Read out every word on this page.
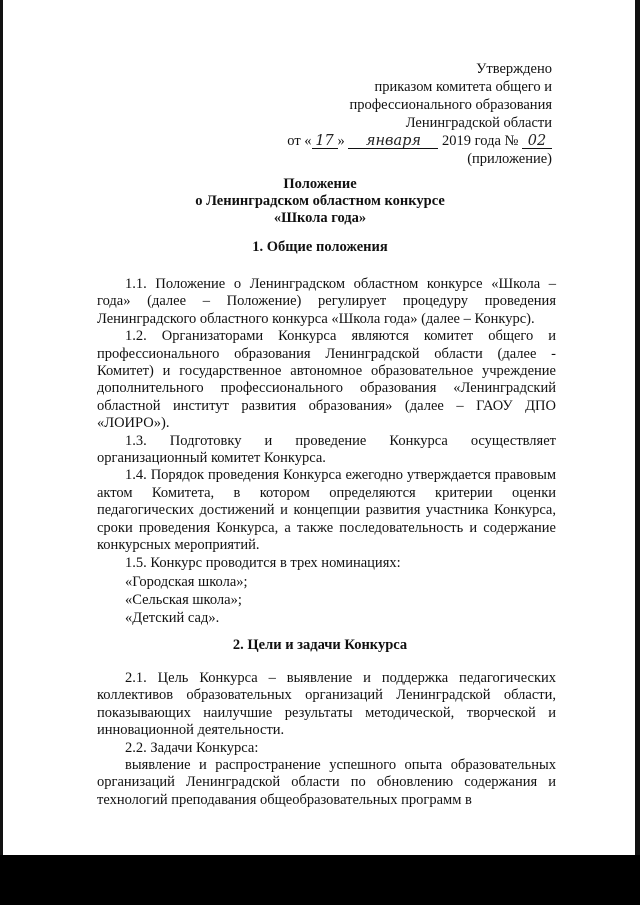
Утверждено
приказом комитета общего и
профессионального образования
Ленинградской области
от « 17 » января 2019 года № 02
(приложение)
Положение
о Ленинградском областном конкурсе
«Школа года»
1. Общие положения

1.1. Положение о Ленинградском областном конкурсе «Школа – года» (далее – Положение) регулирует процедуру проведения Ленинградского областного конкурса «Школа года» (далее – Конкурс).

1.2. Организаторами Конкурса являются комитет общего и профессионального образования Ленинградской области (далее - Комитет) и государственное автономное образовательное учреждение дополнительного профессионального образования «Ленинградский областной институт развития образования» (далее – ГАОУ ДПО «ЛОИРО»).

1.3. Подготовку и проведение Конкурса осуществляет организационный комитет Конкурса.

1.4. Порядок проведения Конкурса ежегодно утверждается правовым актом Комитета, в котором определяются критерии оценки педагогических достижений и концепции развития участника Конкурса, сроки проведения Конкурса, а также последовательность и содержание конкурсных мероприятий.

1.5. Конкурс проводится в трех номинациях:

«Городская школа»;
«Сельская школа»;
«Детский сад».
2. Цели и задачи Конкурса

2.1. Цель Конкурса – выявление и поддержка педагогических коллективов образовательных организаций Ленинградской области, показывающих наилучшие результаты методической, творческой и инновационной деятельности.

2.2. Задачи Конкурса:

выявление и распространение успешного опыта образовательных организаций Ленинградской области по обновлению содержания и технологий преподавания общеобразовательных программ в
